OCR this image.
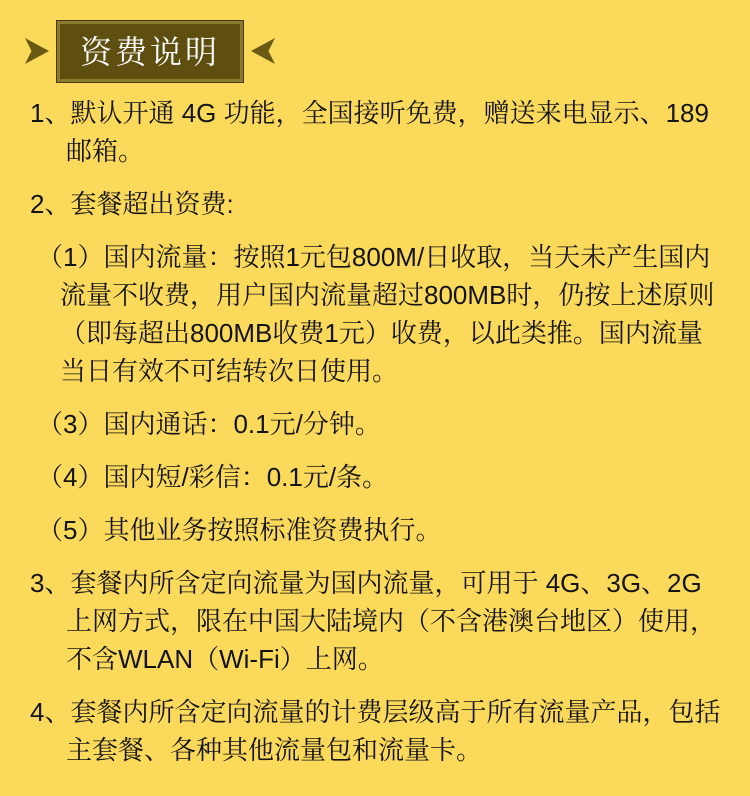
资费说明
1、默认开通 4G 功能，全国接听免费，赠送来电显示、189邮箱。
2、套餐超出资费:
（1）国内流量：按照1元包800M/日收取，当天未产生国内流量不收费，用户国内流量超过800MB时，仍按上述原则（即每超出800MB收费1元）收费，以此类推。国内流量当日有效不可结转次日使用。
（3）国内通话：0.1元/分钟。
（4）国内短/彩信：0.1元/条。
（5）其他业务按照标准资费执行。
3、套餐内所含定向流量为国内流量，可用于 4G、3G、2G上网方式，限在中国大陆境内（不含港澳台地区）使用，不含WLAN（Wi-Fi）上网。
4、套餐内所含定向流量的计费层级高于所有流量产品，包括主套餐、各种其他流量包和流量卡。
